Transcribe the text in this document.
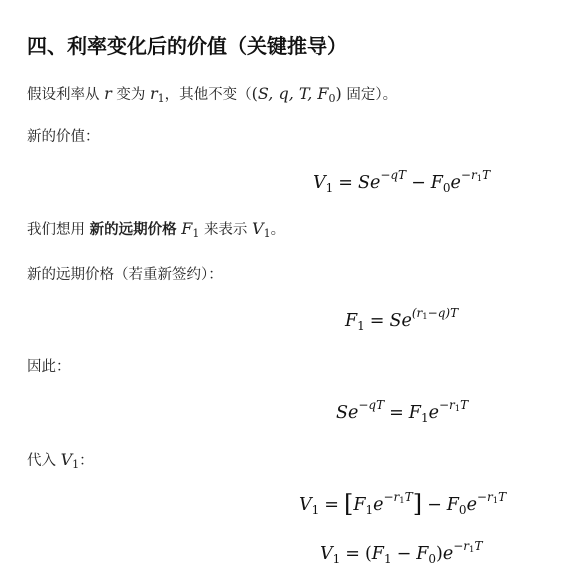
四、利率变化后的价值（关键推导）
假设利率从 r 变为 $r_1$，其他不变（(S, q, T, $F_0$) 固定）。
新的价值：
$V_1 = Se^{-qT} - F_0e^{-r_1T}$
我们想用 新的远期价格 $F_1$ 来表示 $V_1$。
新的远期价格（若重新签约）：
$F_1 = Se^{(r_1-q)T}$
因此：
$Se^{-qT} = F_1e^{-r_1T}$
代入 $V_1$：
$V_1 = [F_1e^{-r_1T}] - F_0e^{-r_1T}$
$V_1 = (F_1 - F_0)e^{-r_1T}$
